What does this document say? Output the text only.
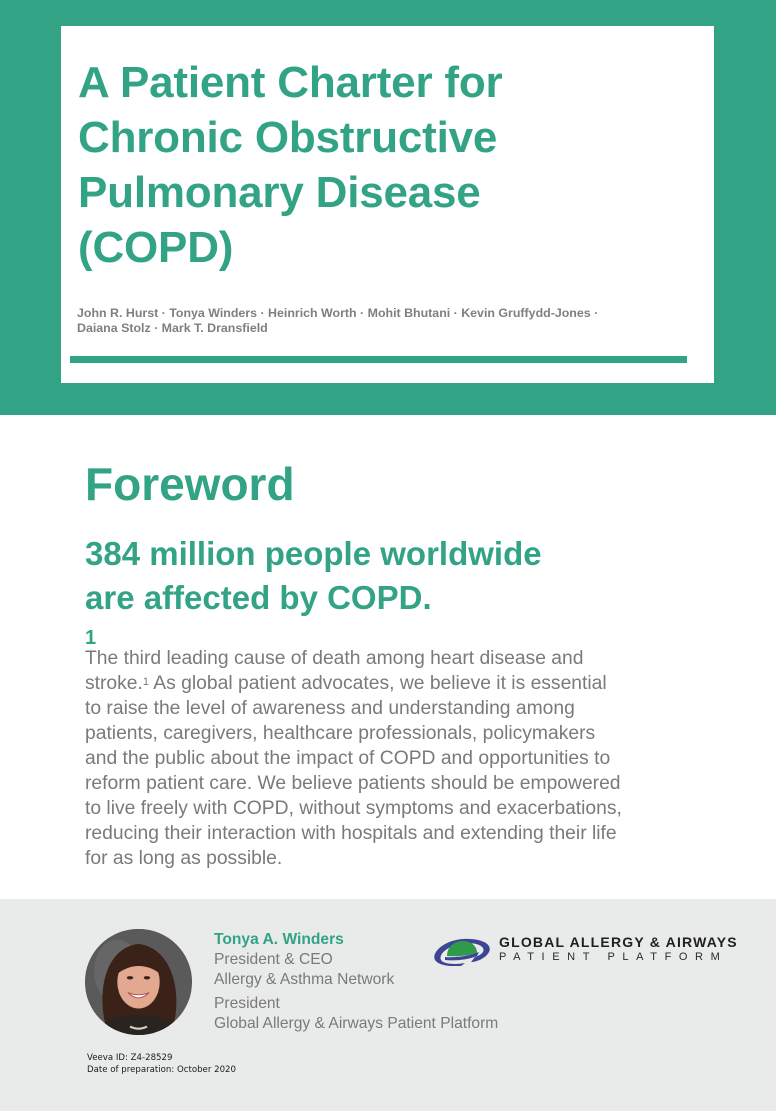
A Patient Charter for
Chronic Obstructive
Pulmonary Disease
(COPD)
John R. Hurst · Tonya Winders · Heinrich Worth · Mohit Bhutani · Kevin Gruffydd-Jones ·
Daiana Stolz · Mark T. Dransfield
Foreword
384 million people worldwide
are affected by COPD.
$^1$
The third leading cause of death among heart disease and
stroke.$^1$ As global patient advocates, we believe it is essential
to raise the level of awareness and understanding among
patients, caregivers, healthcare professionals, policymakers
and the public about the impact of COPD and opportunities to
reform patient care. We believe patients should be empowered
to live freely with COPD, without symptoms and exacerbations,
reducing their interaction with hospitals and extending their life
for as long as possible.
Tonya A. Winders
President & CEO
Allergy & Asthma Network
President
Global Allergy & Airways Patient Platform
GLOBAL ALLERGY & AIRWAYS
PATIENT PLATFORM
Veeva ID: Z4-28529
Date of preparation: October 2020
